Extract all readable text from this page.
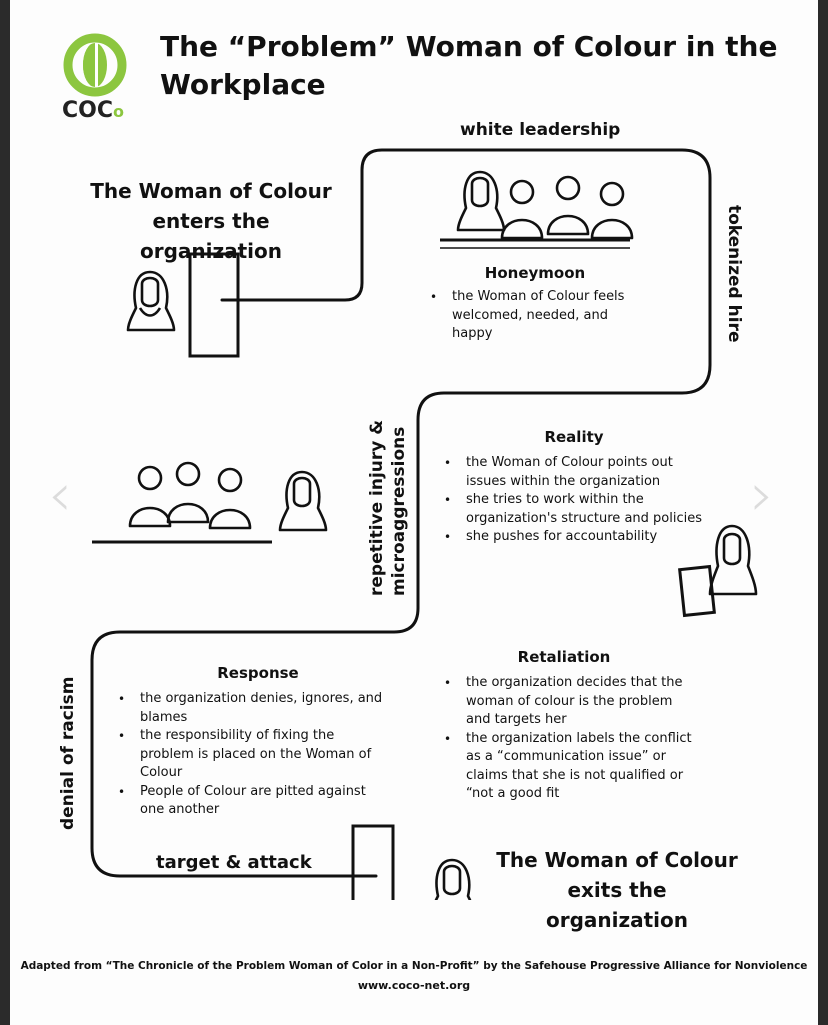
COCo
The “Problem” Woman of Colour in the Workplace
‹	›
white leadership
tokenized hire
repetitive injury & microaggressions
denial of racism
target & attack
The Woman of Colour
enters the organization
The Woman of Colour
exits the organization
Honeymoon
• the Woman of Colour feels welcomed, needed, and happy
Reality
• the Woman of Colour points out issues within the organization
• she tries to work within the organization's structure and policies
• she pushes for accountability
Response
• the organization denies, ignores, and blames
• the responsibility of fixing the problem is placed on the Woman of Colour
• People of Colour are pitted against one another
Retaliation
• the organization decides that the woman of colour is the problem and targets her
• the organization labels the conflict as a “communication issue” or claims that she is not qualified or “not a good fit
Adapted from “The Chronicle of the Problem Woman of Color in a Non-Profit” by the Safehouse Progressive Alliance for Nonviolence
www.coco-net.org
